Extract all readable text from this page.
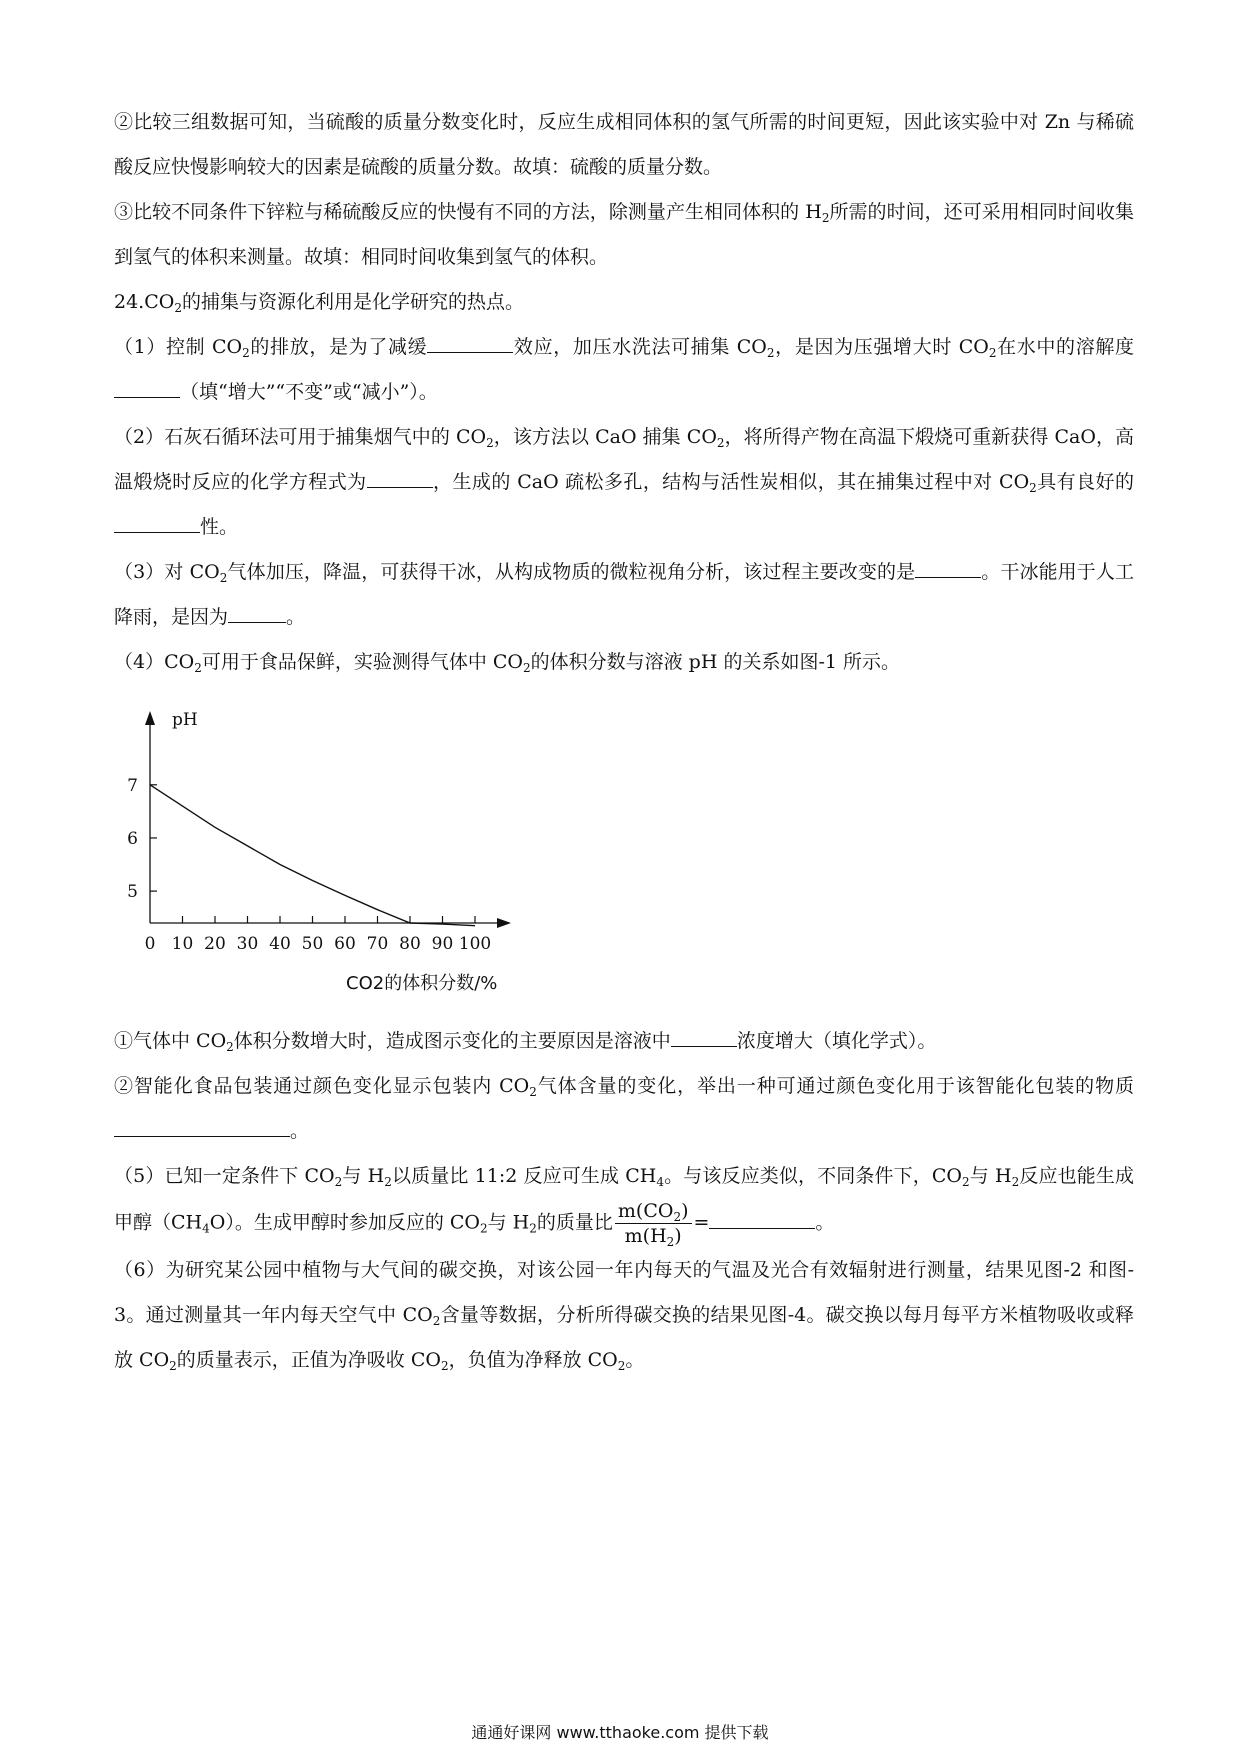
②比较三组数据可知，当硫酸的质量分数变化时，反应生成相同体积的氢气所需的时间更短，因此该实验中对 Zn 与稀硫酸反应快慢影响较大的因素是硫酸的质量分数。故填：硫酸的质量分数。

③比较不同条件下锌粒与稀硫酸反应的快慢有不同的方法，除测量产生相同体积的 $H_2$所需的时间，还可采用相同时间收集到氢气的体积来测量。故填：相同时间收集到氢气的体积。

$24.CO_2$的捕集与资源化利用是化学研究的热点。

（1）控制 $CO_2$的排放，是为了减缓	效应，加压水洗法可捕集 $CO_2$，是因为压强增大时 $CO_2$在水中的溶解度（填“增大”“不变”或“减小”）。

（2）石灰石循环法可用于捕集烟气中的 $CO_2$，该方法以 CaO 捕集 $CO_2$，将所得产物在高温下煅烧可重新获得 CaO，高温煅烧时反应的化学方程式为	，生成的 CaO 疏松多孔，结构与活性炭相似，其在捕集过程中对 $CO_2$具有良好的性。

（3）对 $CO_2$气体加压，降温，可获得干冰，从构成物质的微粒视角分析，该过程主要改变的是	。干冰能用于人工降雨，是因为	。

$(4)CO_2$可用于食品保鲜，实验测得气体中 $CO_2$的体积分数与溶液 pH 的关系如图-1 所示。

0 10 20 30 40 50 60 70 80 90 100
5
6
7
pH
CO2的体积分数/%

①气体中 $CO_2$体积分数增大时，造成图示变化的主要原因是溶液中	浓度增大（填化学式）。

②智能化食品包装通过颜色变化显示包装内 $CO_2$气体含量的变化，举出一种可通过颜色变化用于该智能化包装的物质。

（5）已知一定条件下 $CO_2$与 $H_2$以质量比 11:2 反应可生成 $CH_4$。与该反应类似，不同条件下，$CO_2$与 $H_2$反应也能生成甲醇$(CH_4O)$。生成甲醇时参加反应的 $CO_2$与 $H_2$的质量比 $\frac{m(CO_2)}{m(H_2)}$ =	。

（6）为研究某公园中植物与大气间的碳交换，对该公园一年内每天的气温及光合有效辐射进行测量，结果见图-2 和图-3。通过测量其一年内每天空气中 $CO_2$含量等数据，分析所得碳交换的结果见图-4。碳交换以每月每平方米植物吸收或释放 $CO_2$的质量表示，正值为净吸收 $CO_2$，负值为净释放 $CO_2$。

通通好课网 www.tthaoke.com 提供下载
